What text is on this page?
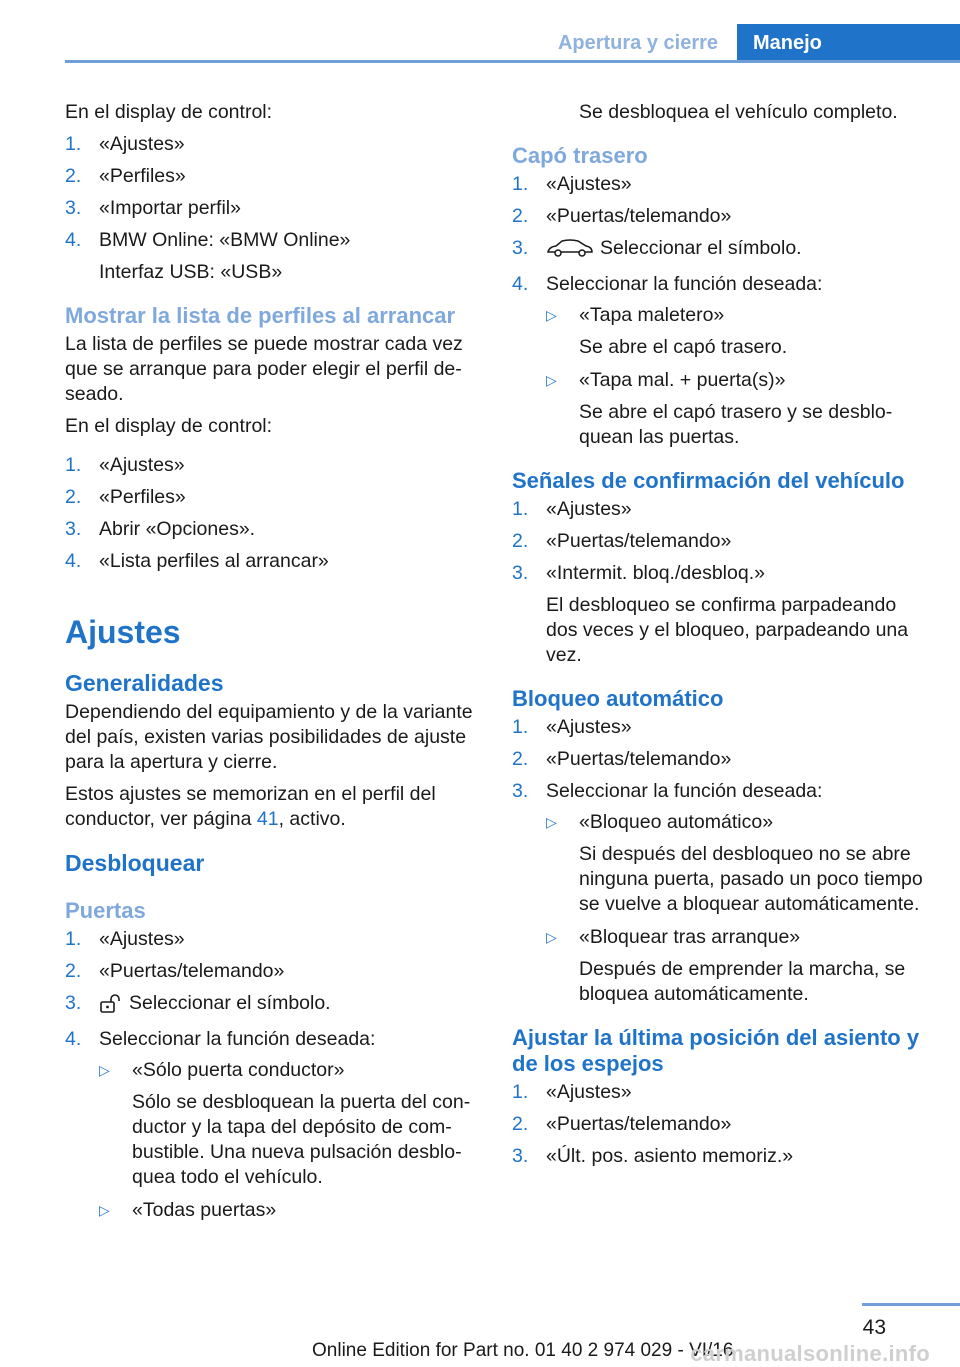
Apertura y cierre	Manejo

En el display de control:

1. «Ajustes»
2. «Perfiles»
3. «Importar perfil»
4. BMW Online: «BMW Online»
Interfaz USB: «USB»
Mostrar la lista de perfiles al arrancar

La lista de perfiles se puede mostrar cada vez que se arranque para poder elegir el perfil deseado.

En el display de control:

1. «Ajustes»
2. «Perfiles»
3. Abrir «Opciones».
4. «Lista perfiles al arrancar»
Ajustes
Generalidades

Dependiendo del equipamiento y de la variante del país, existen varias posibilidades de ajuste para la apertura y cierre.

Estos ajustes se memorizan en el perfil del conductor, ver página 41, activo.

Desbloquear
Puertas
1. «Ajustes»
2. «Puertas/telemando»
3. Seleccionar el símbolo.
4. Seleccionar la función deseada:
▷ «Sólo puerta conductor»
Sólo se desbloquean la puerta del conductor y la tapa del depósito de combustible. Una nueva pulsación desbloquea todo el vehículo.
▷ «Todas puertas»

Se desbloquea el vehículo completo.

Capó trasero
1. «Ajustes»
2. «Puertas/telemando»
3.	Seleccionar el símbolo.
4. Seleccionar la función deseada:
▷ «Tapa maletero»
Se abre el capó trasero.
▷ «Tapa mal. + puerta(s)»
Se abre el capó trasero y se desbloquean las puertas.
Señales de confirmación del vehículo
1. «Ajustes»
2. «Puertas/telemando»
3. «Intermit. bloq./desbloq.»
El desbloqueo se confirma parpadeando dos veces y el bloqueo, parpadeando una vez.
Bloqueo automático
1. «Ajustes»
2. «Puertas/telemando»
3. Seleccionar la función deseada:
▷ «Bloqueo automático»
Si después del desbloqueo no se abre ninguna puerta, pasado un poco tiempo se vuelve a bloquear automáticamente.
▷ «Bloquear tras arranque»
Después de emprender la marcha, se bloquea automáticamente.
Ajustar la última posición del asiento y de los espejos
1. «Ajustes»
2. «Puertas/telemando»
3. «Últ. pos. asiento memoriz.»
43
Online Edition for Part no. 01 40 2 974 029 - VI/16
carmanualsonline.info
